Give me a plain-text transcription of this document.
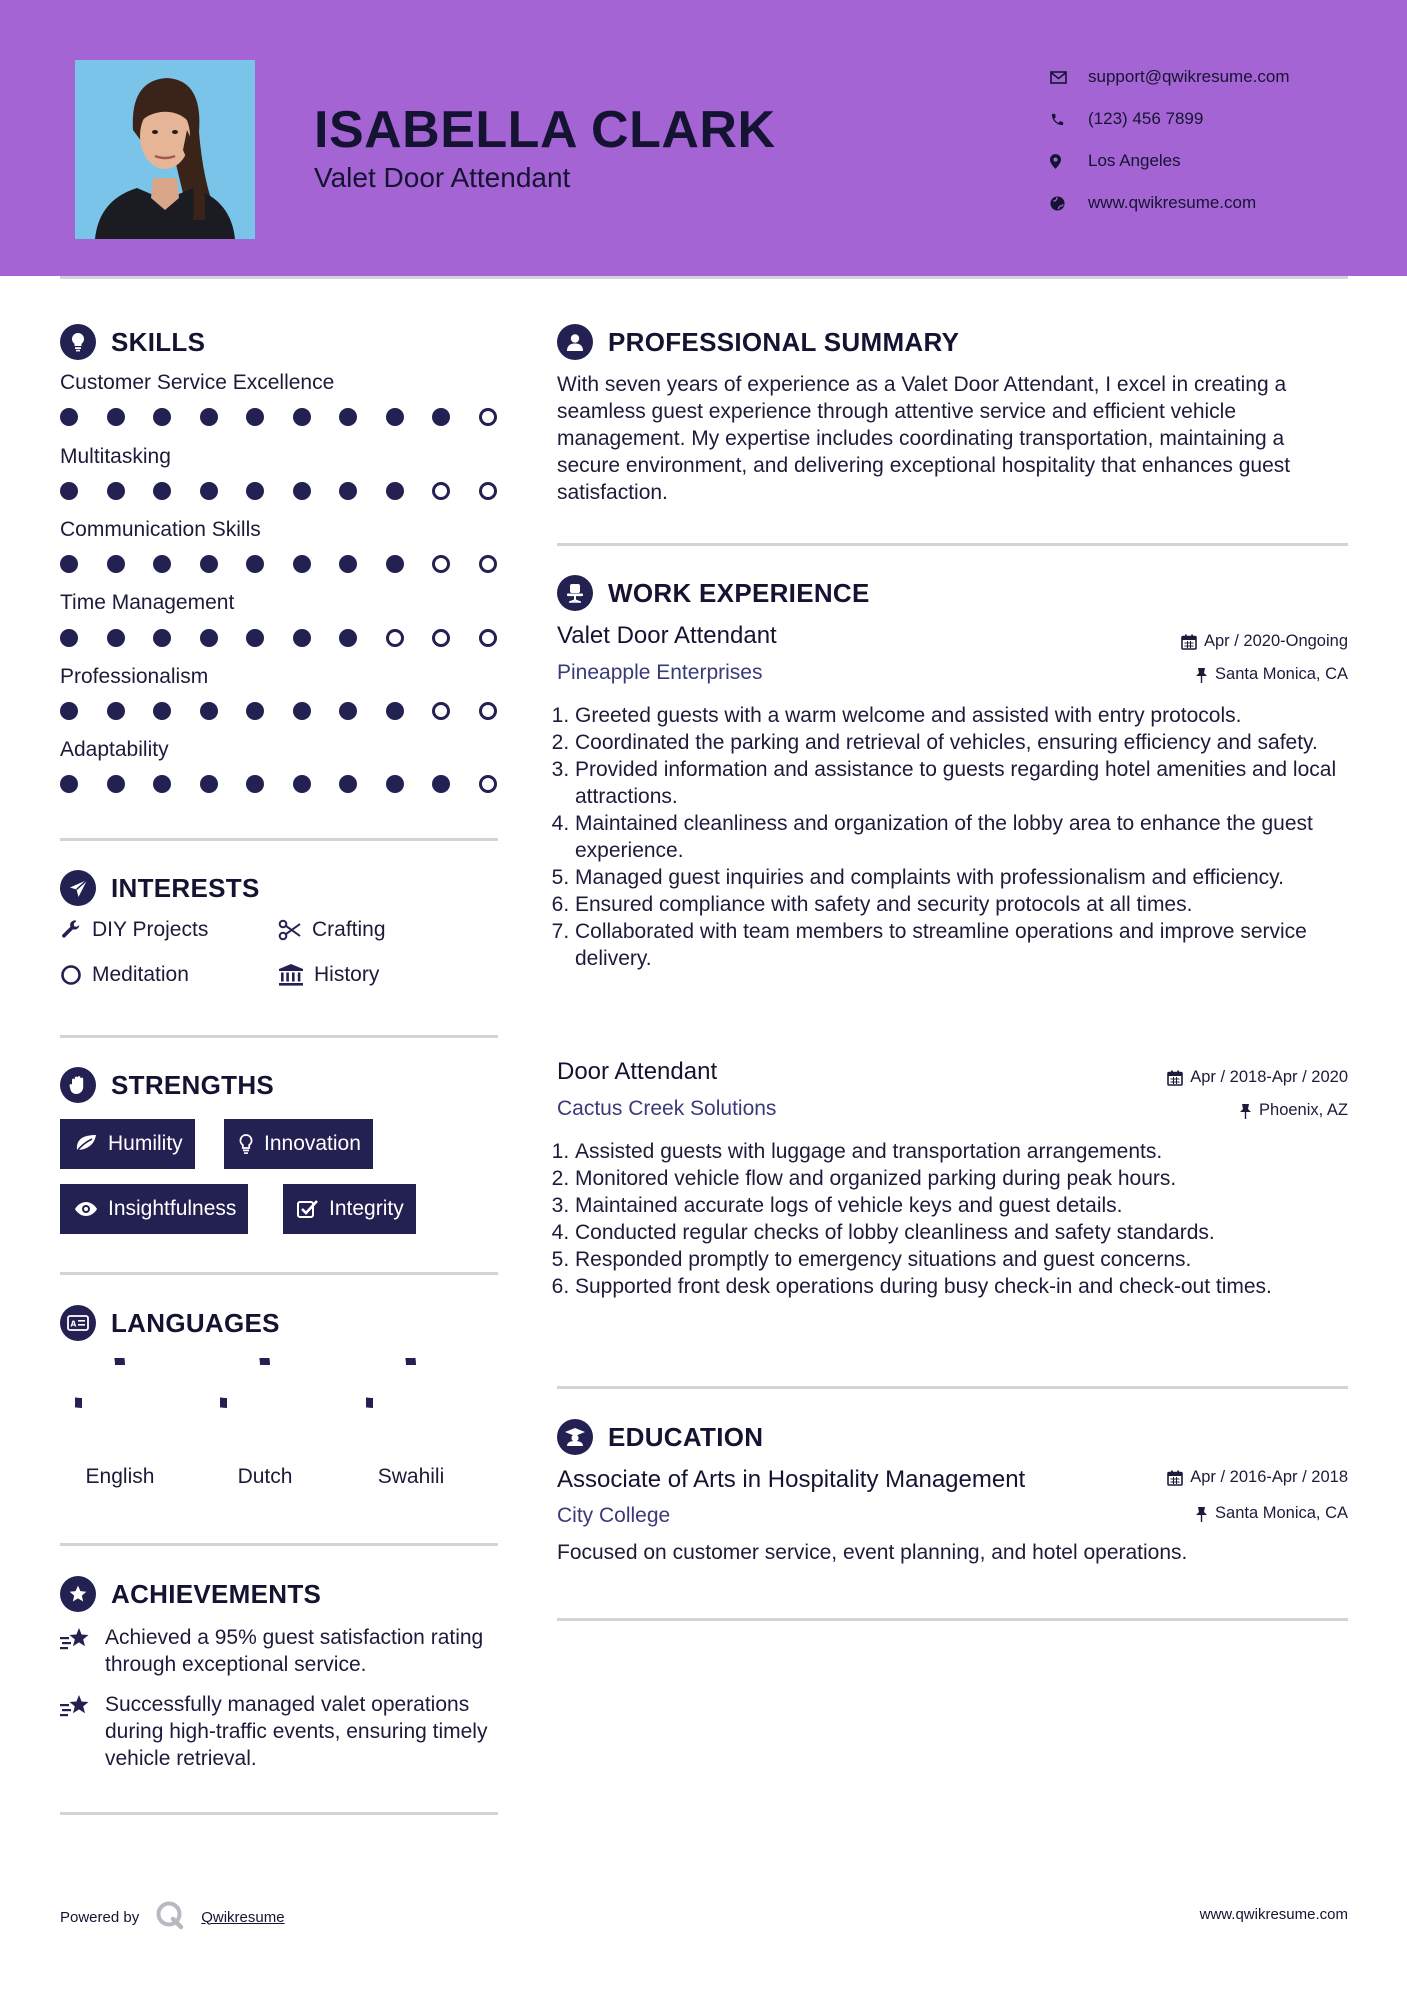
ISABELLA CLARK
Valet Door Attendant
support@qwikresume.com
(123) 456 7899
Los Angeles
www.qwikresume.com
SKILLS
Customer Service Excellence
Multitasking
Communication Skills
Time Management
Professionalism
Adaptability
INTERESTS
DIY Projects	Crafting
Meditation	History
STRENGTHS
Humility	Innovation
Insightfulness	Integrity
A LANGUAGES
English	Dutch	Swahili
ACHIEVEMENTS
Achieved a 95% guest satisfaction rating through exceptional service.
Successfully managed valet operations during high-traffic events, ensuring timely vehicle retrieval.
PROFESSIONAL SUMMARY
With seven years of experience as a Valet Door Attendant, I excel in creating a seamless guest experience through attentive service and efficient vehicle management. My expertise includes coordinating transportation, maintaining a secure environment, and delivering exceptional hospitality that enhances guest satisfaction.
WORK EXPERIENCE
Valet Door Attendant	Apr / 2020-Ongoing
Pineapple Enterprises	Santa Monica, CA
1. Greeted guests with a warm welcome and assisted with entry protocols.
2. Coordinated the parking and retrieval of vehicles, ensuring efficiency and safety.
3. Provided information and assistance to guests regarding hotel amenities and local attractions.
4. Maintained cleanliness and organization of the lobby area to enhance the guest experience.
5. Managed guest inquiries and complaints with professionalism and efficiency.
6. Ensured compliance with safety and security protocols at all times.
7. Collaborated with team members to streamline operations and improve service delivery.
Door Attendant	Apr / 2018-Apr / 2020
Cactus Creek Solutions	Phoenix, AZ
1. Assisted guests with luggage and transportation arrangements.
2. Monitored vehicle flow and organized parking during peak hours.
3. Maintained accurate logs of vehicle keys and guest details.
4. Conducted regular checks of lobby cleanliness and safety standards.
5. Responded promptly to emergency situations and guest concerns.
6. Supported front desk operations during busy check-in and check-out times.
EDUCATION
Associate of Arts in Hospitality Management	Apr / 2016-Apr / 2018
City College	Santa Monica, CA
Focused on customer service, event planning, and hotel operations.
Powered by	Qwikresume	www.qwikresume.com
